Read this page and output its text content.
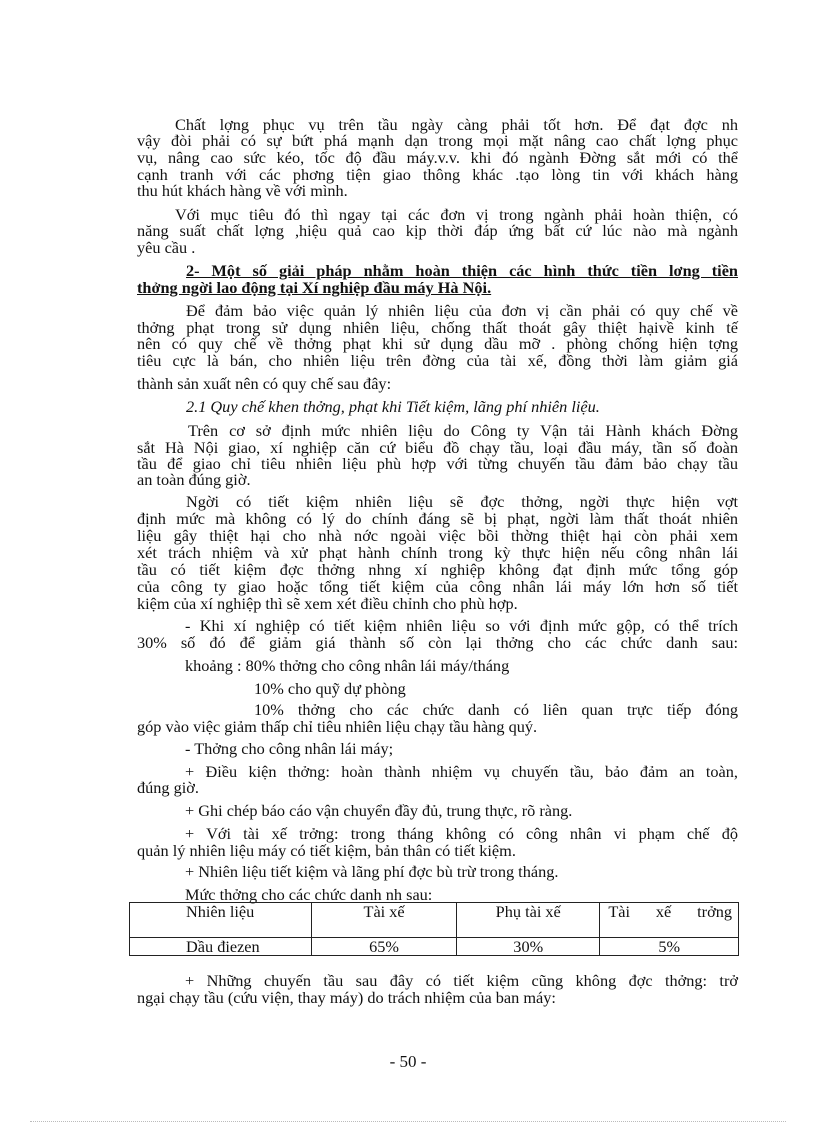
Chất lợng phục vụ trên tầu ngày càng phải tốt hơn. Để đạt đợc nh
vậy đòi phải có sự bứt phá mạnh dạn trong mọi mặt nâng cao chất lợng phục
vụ, nâng cao sức kéo, tốc độ đầu máy.v.v. khi đó ngành Đờng sắt mới có thể
cạnh tranh với các phơng tiện giao thông khác .tạo lòng tin với khách hàng
thu hút khách hàng về với mình.
Với mục tiêu đó thì ngay tại các đơn vị trong ngành phải hoàn thiện, có
năng suất chất lợng ,hiệu quả cao kịp thời đáp ứng bất cứ lúc nào mà ngành
yêu cầu .
2- Một số giải pháp nhằm hoàn thiện các hình thức tiền lơng tiền
thởng ngời lao động tại Xí nghiệp đầu máy Hà Nội.
Để đảm bảo việc quản lý nhiên liệu của đơn vị cần phải có quy chế về
thởng phạt trong sử dụng nhiên liệu, chống thất thoát gây thiệt hạivề kinh tế
nên có quy chế về thởng phạt khi sử dụng dầu mỡ . phòng chống hiện tợng
tiêu cực là bán, cho nhiên liệu trên đờng của tài xế, đồng thời làm giảm giá
thành sản xuất nên có quy chế sau đây:
2.1 Quy chế khen thởng, phạt khi Tiết kiệm, lãng phí nhiên liệu.
Trên cơ sở định mức nhiên liệu do Công ty Vận tải Hành khách Đờng
sắt Hà Nội giao, xí nghiệp căn cứ biểu đồ chạy tầu, loại đầu máy, tần số đoàn
tầu để giao chỉ tiêu nhiên liệu phù hợp với từng chuyến tầu đảm bảo chạy tầu
an toàn đúng giờ.
Ngời có tiết kiệm nhiên liệu sẽ đợc thởng, ngời thực hiện vợt
định mức mà không có lý do chính đáng sẽ bị phạt, ngời làm thất thoát nhiên
liệu gây thiệt hại cho nhà nớc ngoài việc bồi thờng thiệt hại còn phải xem
xét trách nhiệm và xử phạt hành chính trong kỳ thực hiện nếu công nhân lái
tầu có tiết kiệm đợc thởng nhng xí nghiệp không đạt định mức tổng góp
của công ty giao hoặc tổng tiết kiệm của công nhân lái máy lớn hơn số tiết
kiệm của xí nghiệp thì sẽ xem xét điều chỉnh cho phù hợp.
- Khi xí nghiệp có tiết kiệm nhiên liệu so với định mức gộp, có thể trích
30% số đó để giảm giá thành số còn lại thởng cho các chức danh sau:
khoảng : 80% thởng cho công nhân lái máy/tháng
10% cho quỹ dự phòng
10% thởng cho các chức danh có liên quan trực tiếp đóng
góp vào việc giảm thấp chỉ tiêu nhiên liệu chạy tầu hàng quý.
- Thởng cho công nhân lái máy;
+ Điều kiện thởng: hoàn thành nhiệm vụ chuyến tầu, bảo đảm an toàn,
đúng giờ.
+ Ghi chép báo cáo vận chuyển đầy đủ, trung thực, rõ ràng.
+ Với tài xế trởng: trong tháng không có công nhân vi phạm chế độ
quản lý nhiên liệu máy có tiết kiệm, bản thân có tiết kiệm.
+ Nhiên liệu tiết kiệm và lãng phí đợc bù trừ trong tháng.
Mức thởng cho các chức danh nh sau:
Nhiên liệu	Tài xế	Phụ tài xế	Tài xế trởng
Dầu điezen	65%	30%	5%
+ Những chuyến tầu sau đây có tiết kiệm cũng không đợc thởng: trở
ngại chạy tầu (cứu viện, thay máy) do trách nhiệm của ban máy:
- 50 -
